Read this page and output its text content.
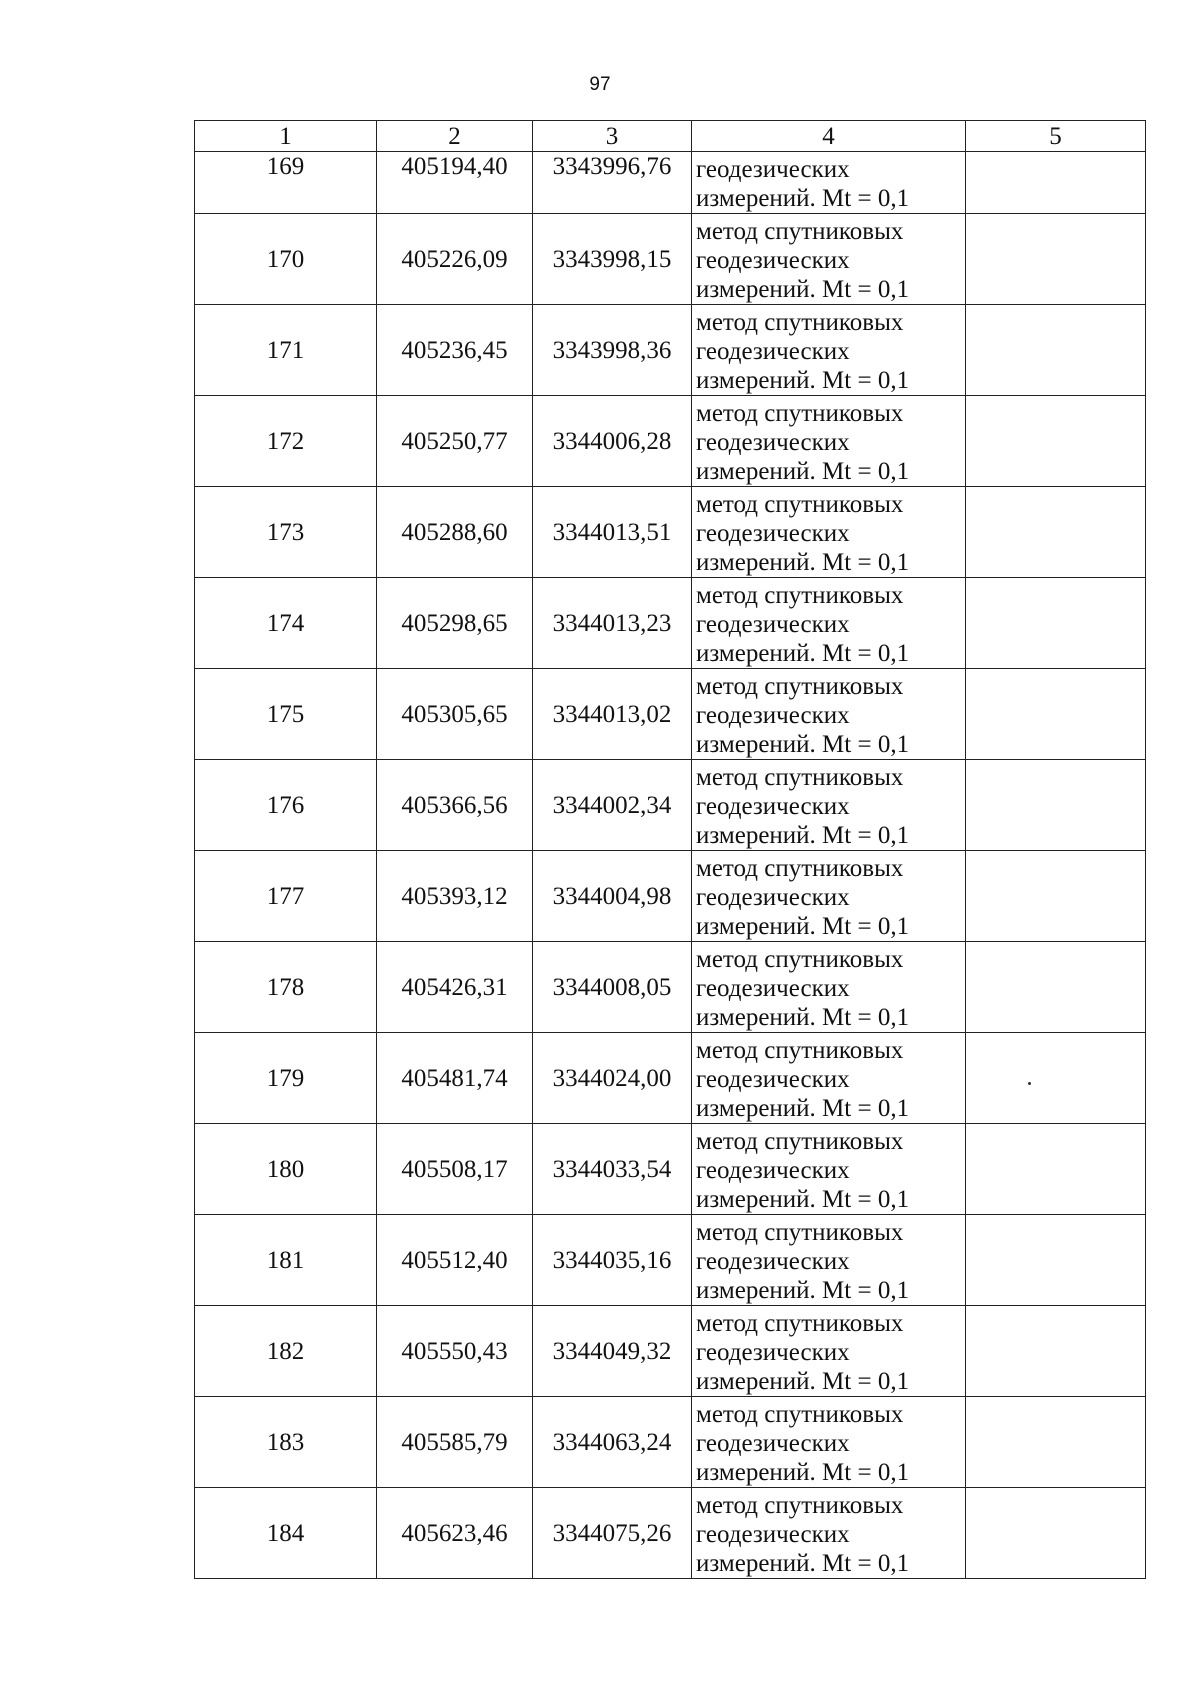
97
1	2	3	4	5
169	405194,40	3343996,76	геодезических
измерений. Mt = 0,1	

170	405226,09	3343998,15	метод спутниковых
геодезических
измерений. Mt = 0,1	

171	405236,45	3343998,36	метод спутниковых
геодезических
измерений. Mt = 0,1	

172	405250,77	3344006,28	метод спутниковых
геодезических
измерений. Mt = 0,1	

173	405288,60	3344013,51	метод спутниковых
геодезических
измерений. Mt = 0,1	

174	405298,65	3344013,23	метод спутниковых
геодезических
измерений. Mt = 0,1	

175	405305,65	3344013,02	метод спутниковых
геодезических
измерений. Mt = 0,1	

176	405366,56	3344002,34	метод спутниковых
геодезических
измерений. Mt = 0,1	

177	405393,12	3344004,98	метод спутниковых
геодезических
измерений. Mt = 0,1	

178	405426,31	3344008,05	метод спутниковых
геодезических
измерений. Mt = 0,1	

179	405481,74	3344024,00	метод спутниковых
геодезических
измерений. Mt = 0,1	

180	405508,17	3344033,54	метод спутниковых
геодезических
измерений. Mt = 0,1	

181	405512,40	3344035,16	метод спутниковых
геодезических
измерений. Mt = 0,1	

182	405550,43	3344049,32	метод спутниковых
геодезических
измерений. Mt = 0,1	

183	405585,79	3344063,24	метод спутниковых
геодезических
измерений. Mt = 0,1	

184	405623,46	3344075,26	метод спутниковых
геодезических
измерений. Mt = 0,1	
